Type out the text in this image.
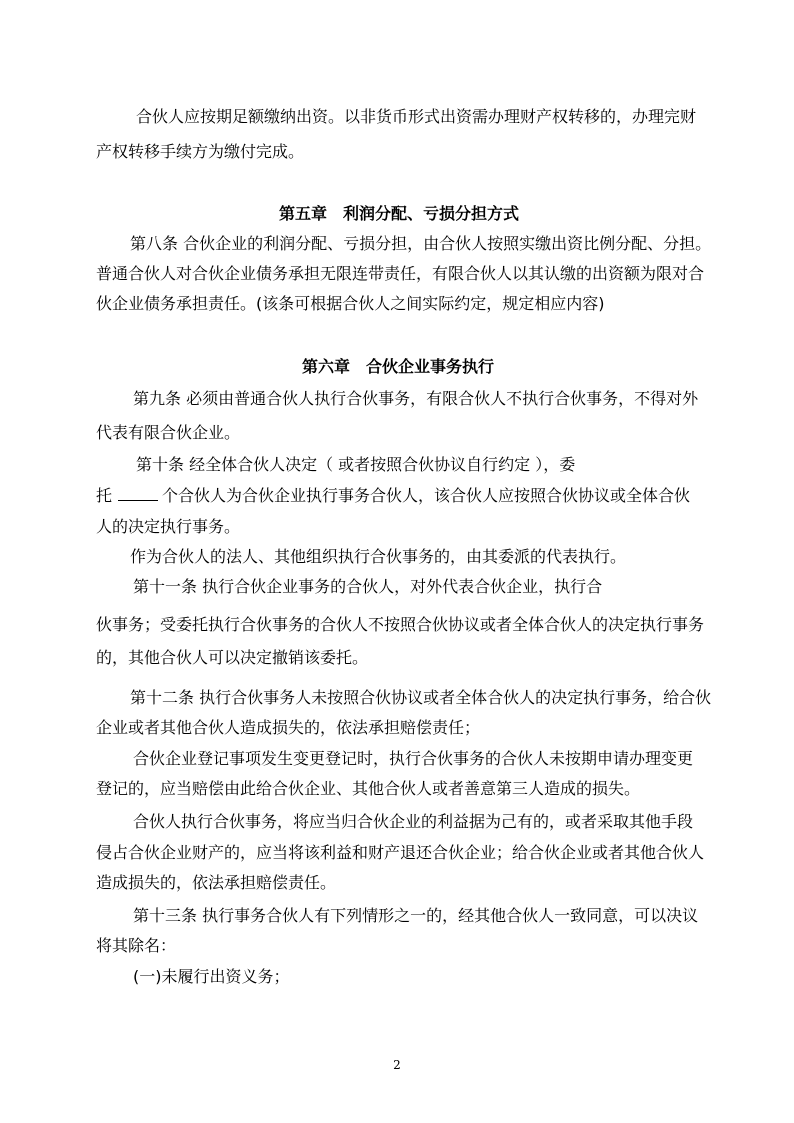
合伙人应按期足额缴纳出资。以非货币形式出资需办理财产权转移的，办理完财
产权转移手续方为缴付完成。
第五章　利润分配、亏损分担方式
第八条 合伙企业的利润分配、亏损分担，由合伙人按照实缴出资比例分配、分担。
普通合伙人对合伙企业债务承担无限连带责任，有限合伙人以其认缴的出资额为限对合
伙企业债务承担责任。(该条可根据合伙人之间实际约定，规定相应内容)
第六章　合伙企业事务执行
第九条 必须由普通合伙人执行合伙事务，有限合伙人不执行合伙事务，不得对外
代表有限合伙企业。
第十条 经全体合伙人决定（ 或者按照合伙协议自行约定 ），委
托	个合伙人为合伙企业执行事务合伙人，该合伙人应按照合伙协议或全体合伙
人的决定执行事务。
作为合伙人的法人、其他组织执行合伙事务的，由其委派的代表执行。
第十一条 执行合伙企业事务的合伙人，对外代表合伙企业，执行合
伙事务；受委托执行合伙事务的合伙人不按照合伙协议或者全体合伙人的决定执行事务
的，其他合伙人可以决定撤销该委托。
第十二条 执行合伙事务人未按照合伙协议或者全体合伙人的决定执行事务，给合伙
企业或者其他合伙人造成损失的，依法承担赔偿责任；
合伙企业登记事项发生变更登记时，执行合伙事务的合伙人未按期申请办理变更
登记的，应当赔偿由此给合伙企业、其他合伙人或者善意第三人造成的损失。
合伙人执行合伙事务，将应当归合伙企业的利益据为己有的，或者采取其他手段
侵占合伙企业财产的，应当将该利益和财产退还合伙企业；给合伙企业或者其他合伙人
造成损失的，依法承担赔偿责任。
第十三条 执行事务合伙人有下列情形之一的，经其他合伙人一致同意，可以决议
将其除名：
(一)未履行出资义务；
2
